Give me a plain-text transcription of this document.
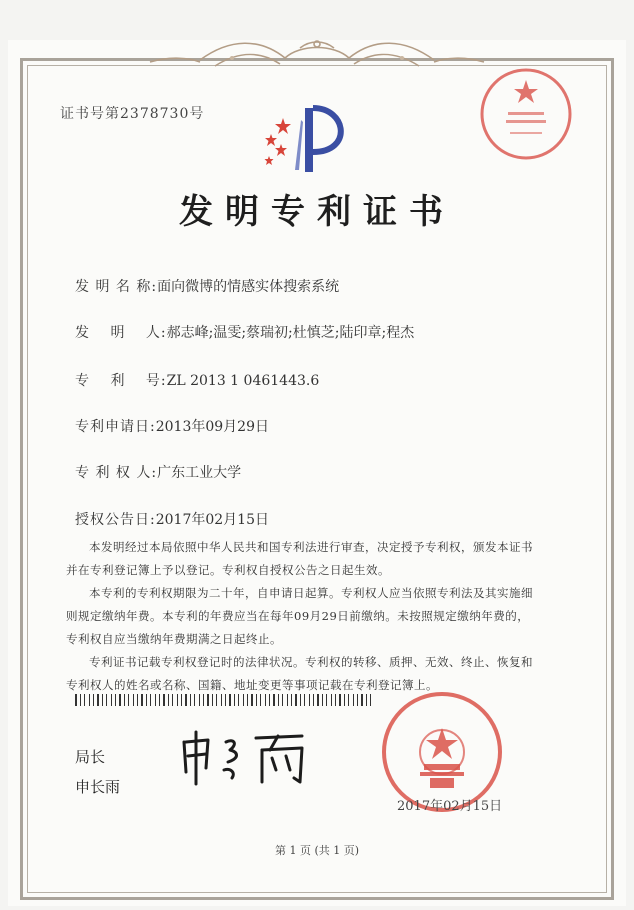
证书号第2378730号
发明专利证书
发 明 名 称:面向微博的情感实体搜索系统
发　 明　 人:郝志峰;温雯;蔡瑞初;杜慎芝;陆印章;程杰
专　 利　 号:ZL 2013 1 0461443.6
专利申请日:2013年09月29日
专 利 权 人:广东工业大学
授权公告日:2017年02月15日

本发明经过本局依照中华人民共和国专利法进行审查，决定授予专利权，颁发本证书并在专利登记簿上予以登记。专利权自授权公告之日起生效。

本专利的专利权期限为二十年，自申请日起算。专利权人应当依照专利法及其实施细则规定缴纳年费。本专利的年费应当在每年09月29日前缴纳。未按照规定缴纳年费的，专利权自应当缴纳年费期满之日起终止。

专利证书记载专利权登记时的法律状况。专利权的转移、质押、无效、终止、恢复和专利权人的姓名或名称、国籍、地址变更等事项记载在专利登记簿上。

局长
申长雨
2017年02月15日
第 1 页 (共 1 页)
